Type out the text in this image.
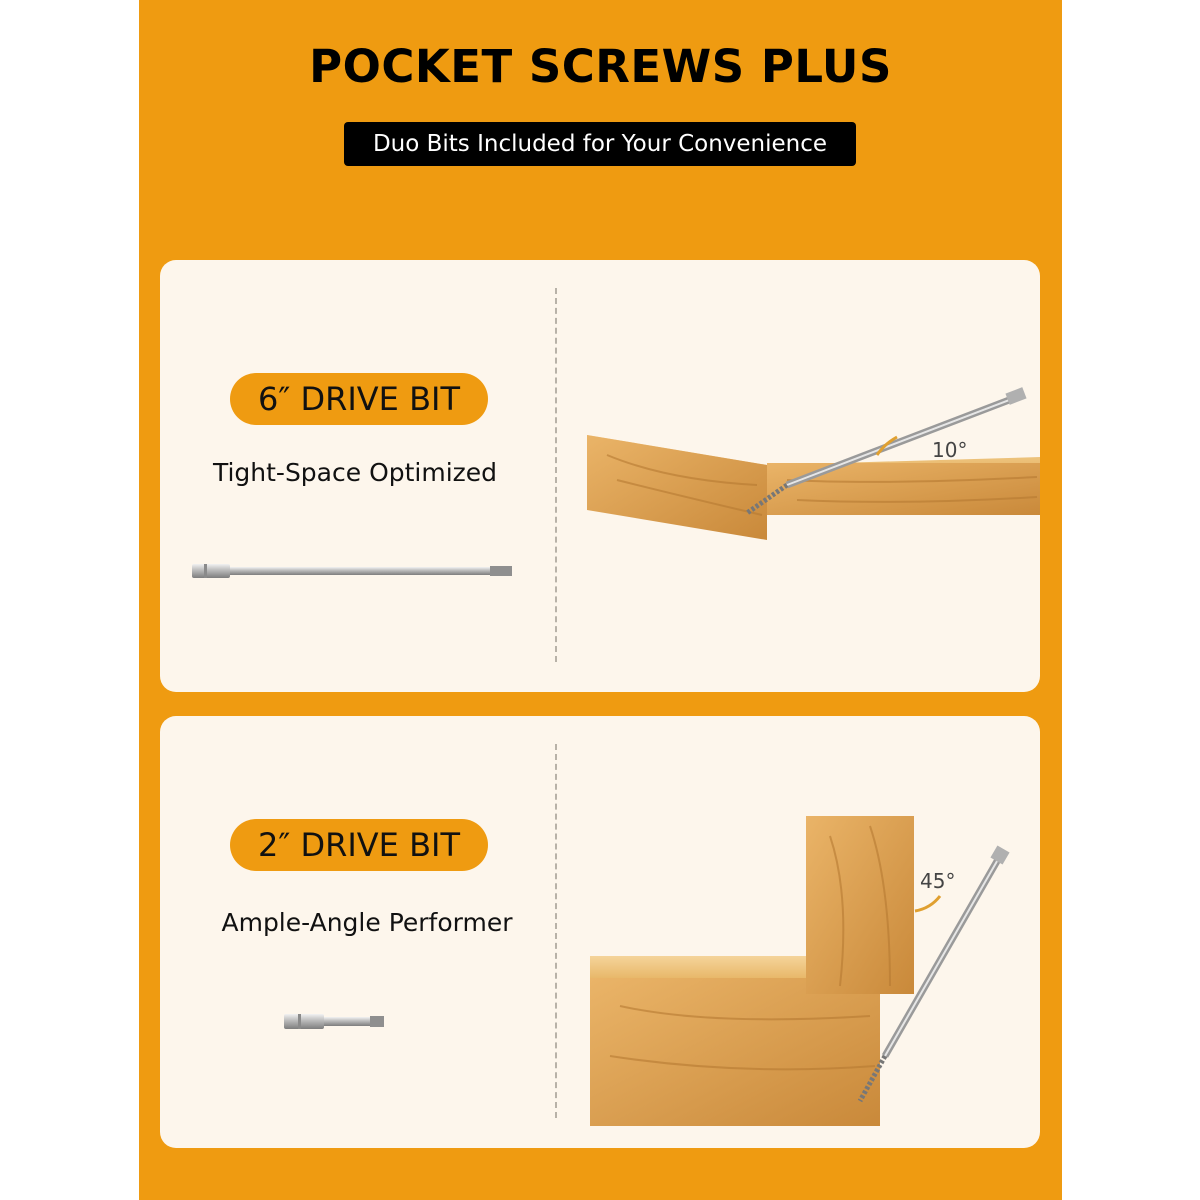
POCKET SCREWS PLUS
Duo Bits Included for Your Convenience
6″ DRIVE BIT
Tight-Space Optimized
10°
2″ DRIVE BIT
Ample-Angle Performer
45°
